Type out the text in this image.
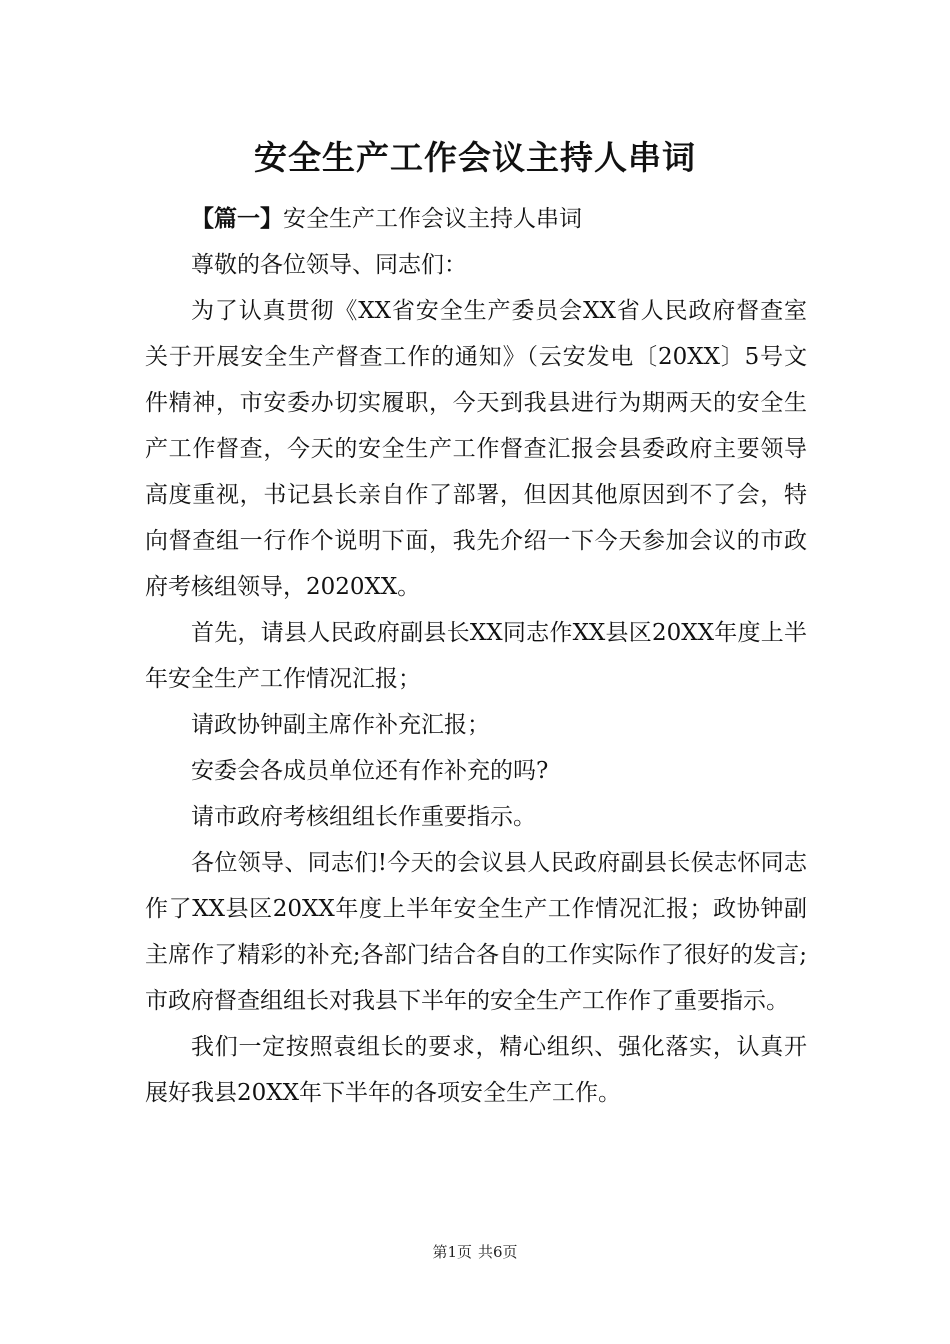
安全生产工作会议主持人串词

【篇一】安全生产工作会议主持人串词

尊敬的各位领导、同志们：

为了认真贯彻《XX省安全生产委员会XX省人民政府督查室关于开展安全生产督查工作的通知》（云安发电〔20XX〕5号文件精神，市安委办切实履职，今天到我县进行为期两天的安全生产工作督查，今天的安全生产工作督查汇报会县委政府主要领导高度重视，书记县长亲自作了部署，但因其他原因到不了会，特向督查组一行作个说明下面，我先介绍一下今天参加会议的市政府考核组领导，2020XX。

首先，请县人民政府副县长XX同志作XX县区20XX年度上半年安全生产工作情况汇报；

请政协钟副主席作补充汇报；

安委会各成员单位还有作补充的吗?

请市政府考核组组长作重要指示。

各位领导、同志们!今天的会议县人民政府副县长侯志怀同志作了XX县区20XX年度上半年安全生产工作情况汇报；政协钟副主席作了精彩的补充;各部门结合各自的工作实际作了很好的发言;市政府督查组组长对我县下半年的安全生产工作作了重要指示。

我们一定按照袁组长的要求，精心组织、强化落实，认真开展好我县20XX年下半年的各项安全生产工作。

第1页 共6页
